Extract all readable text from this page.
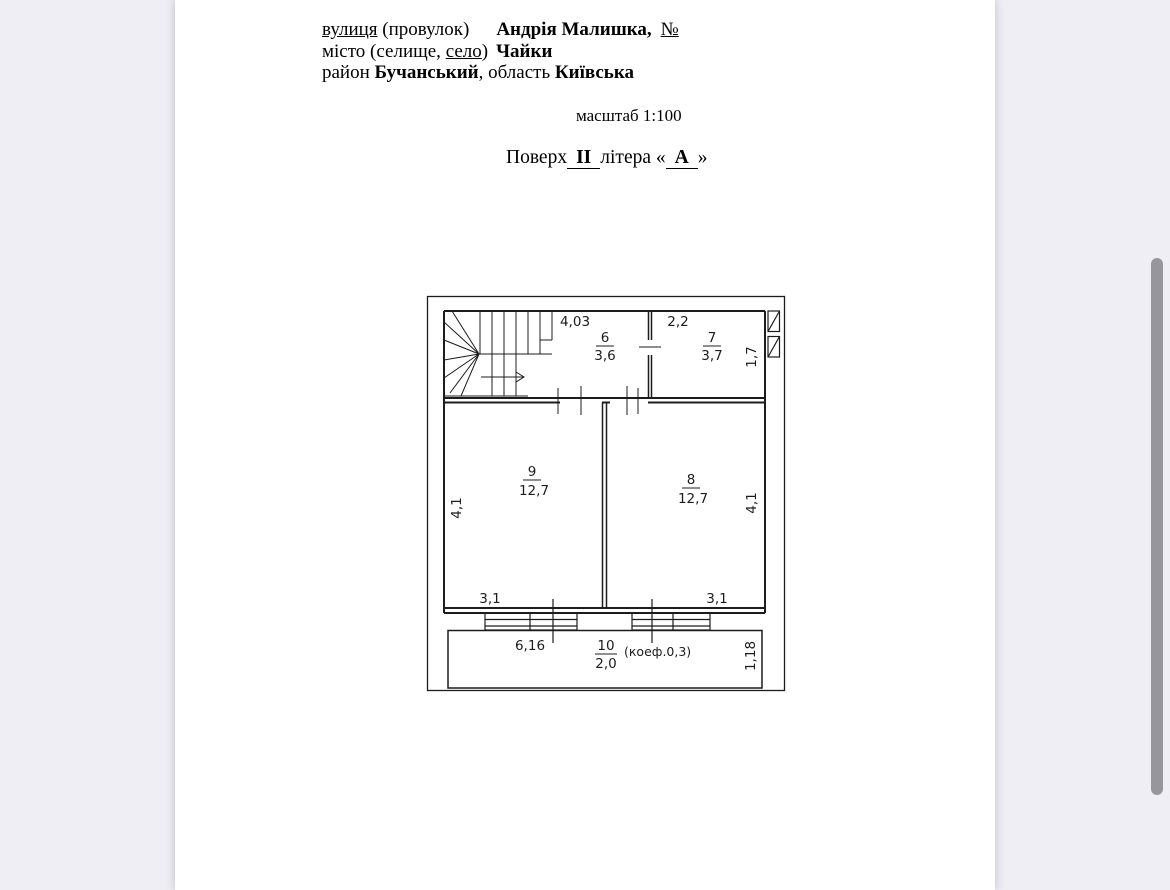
вулиця (провулок) Андрія Малишка, №
місто (селище, село) Чайки
район Бучанський, область Київська
масштаб 1:100
Поверх II літера « А »
4,03	2,2
1,7
4,1	4,1
3,1	3,1
6,16	1,18
6
3,6
7
3,7
9
12,7
8
12,7
10
2,0
(коеф.0,3)
